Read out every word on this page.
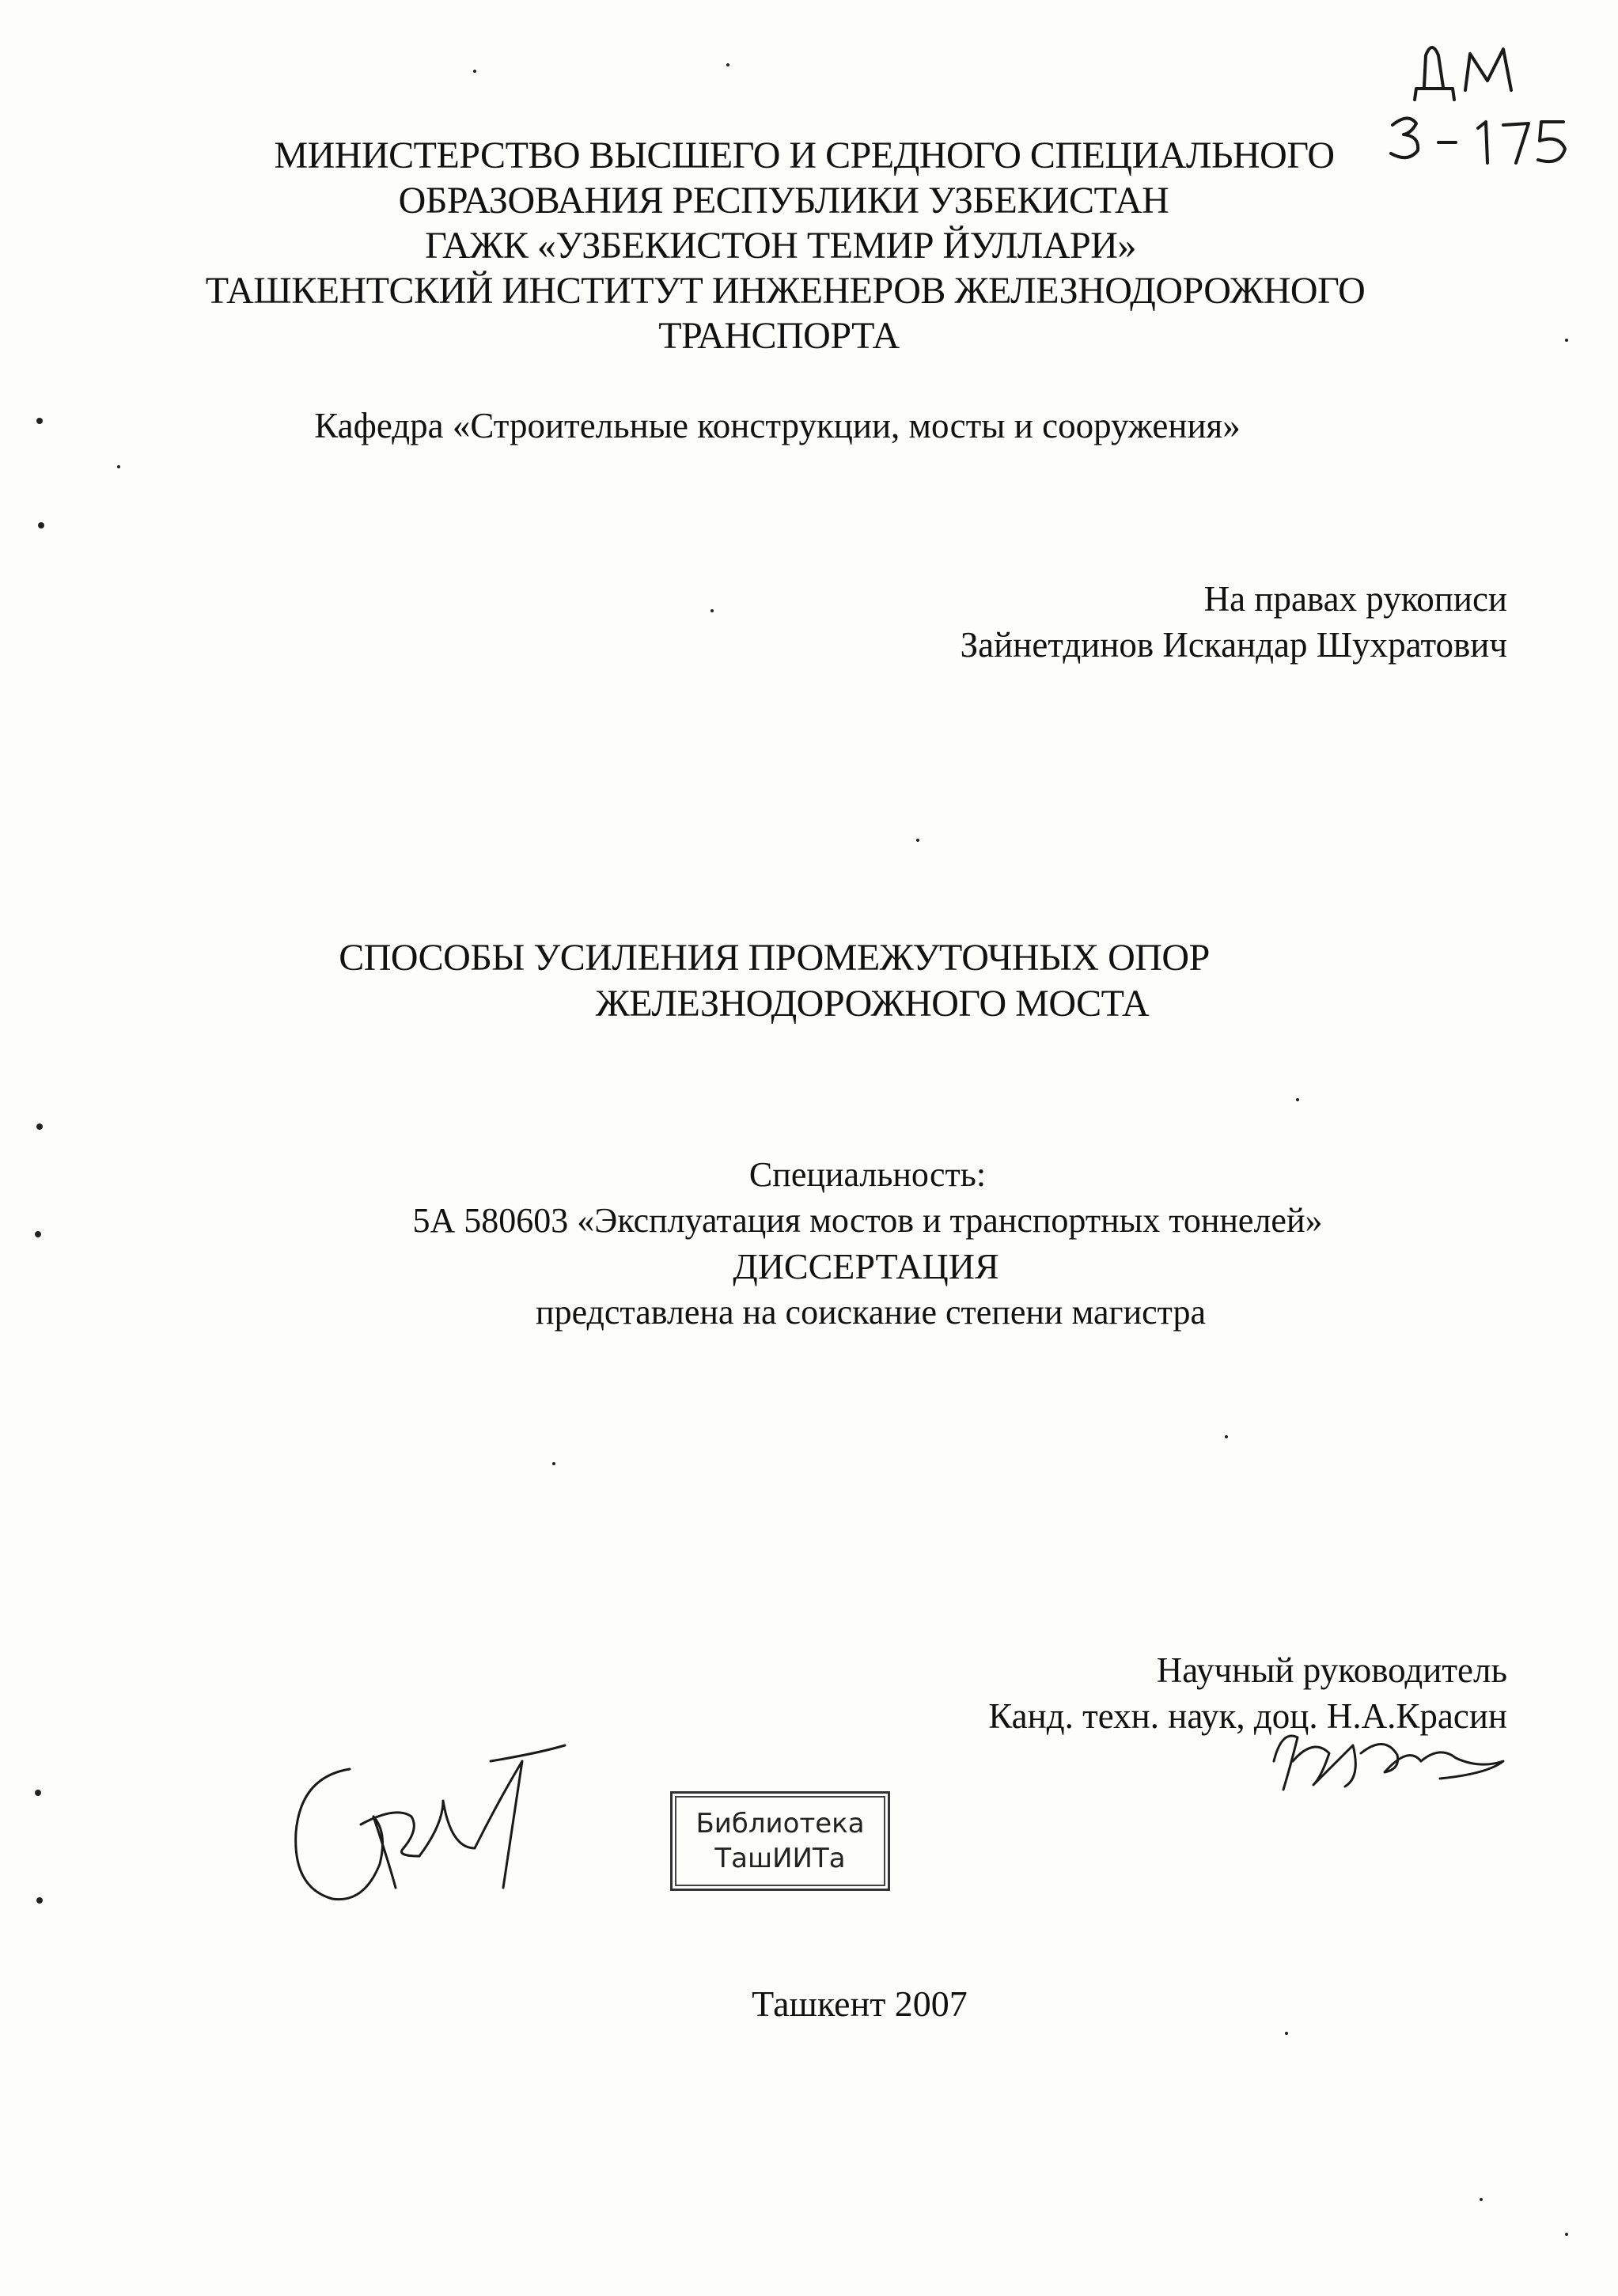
МИНИСТЕРСТВО ВЫСШЕГО И СРЕДНОГО СПЕЦИАЛЬНОГО
ОБРАЗОВАНИЯ РЕСПУБЛИКИ УЗБЕКИСТАН
ГАЖК «УЗБЕКИСТОН ТЕМИР ЙУЛЛАРИ»
ТАШКЕНТСКИЙ ИНСТИТУТ ИНЖЕНЕРОВ ЖЕЛЕЗНОДОРОЖНОГО
ТРАНСПОРТА
Кафедра «Строительные конструкции, мосты и сооружения»
На правах рукописи
Зайнетдинов Искандар Шухратович
СПОСОБЫ УСИЛЕНИЯ ПРОМЕЖУТОЧНЫХ ОПОР
ЖЕЛЕЗНОДОРОЖНОГО МОСТА
Специальность:
5А 580603 «Эксплуатация мостов и транспортных тоннелей»
ДИССЕРТАЦИЯ
представлена на соискание степени магистра
Научный руководитель
Канд. техн. наук, доц. Н.А.Красин
Библиотека
ТашИИТа
Ташкент 2007
